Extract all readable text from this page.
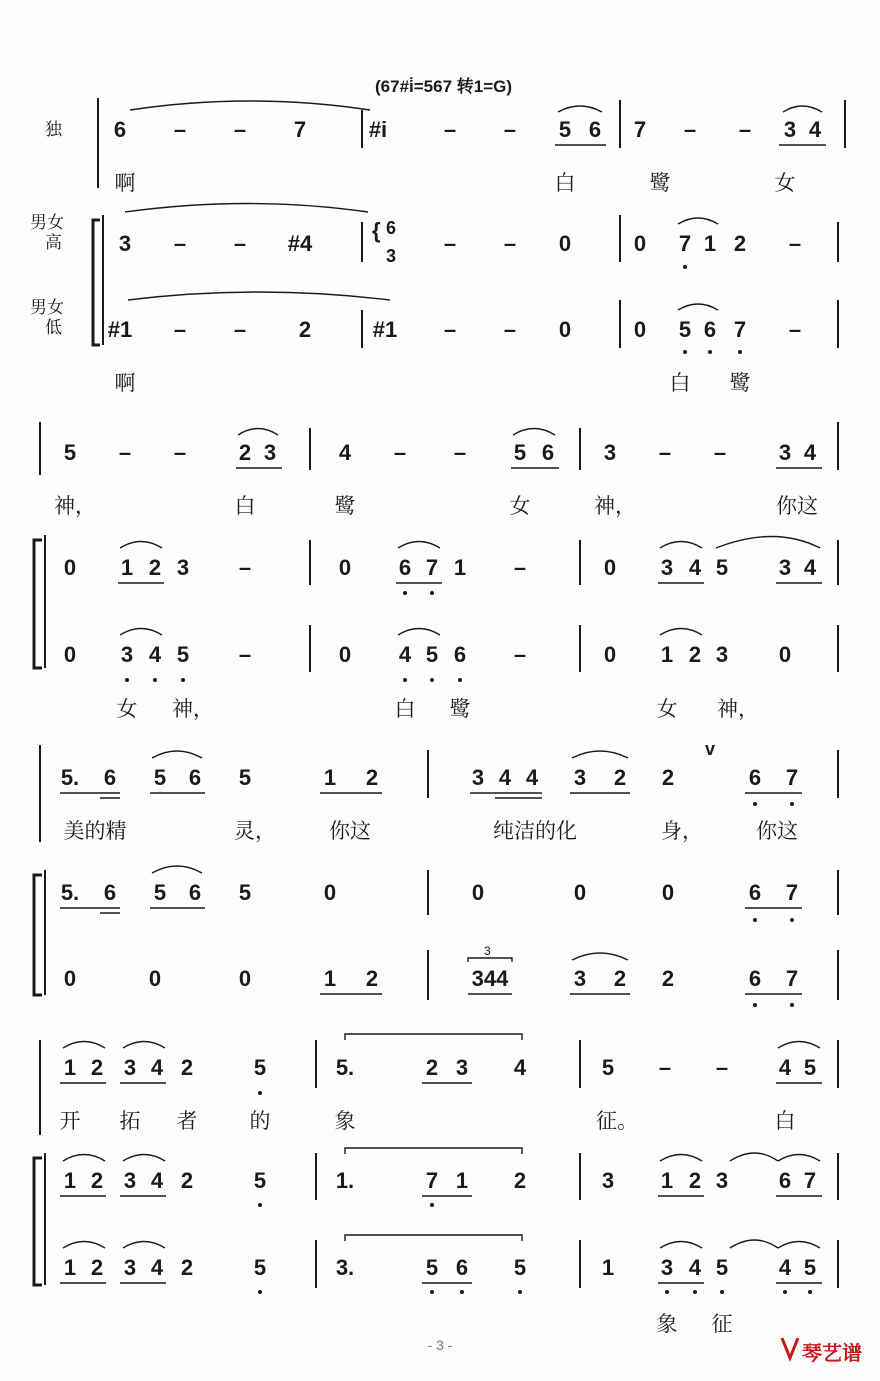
(67#i̇=567 转1=G)
独
男女
高
男女
低
6 – – 7	#i	– – 5 6 7 – – 3 4
啊	白	鹭	女
3 – – #4	– – 0	0 7 1 2 –
{ 6
3
#1 – – 2	#1 – – 0	0 5 6 7 –
啊	白 鹭
5 – – 2 3	4 – – 5 6 3 – – 3 4
神，	白	鹭	女	神，	你这
0 1 2 3 –	0 6 7 1 –	0 3 4 5 3 4
0 3 4 5 –	0 4 5 6 –	0 1 2 3 0
女 神，	白 鹭	女 神，
5. 6 5 6 5	1 2	3 4 4 3 2 2	6 7
v
美的精	灵，	你这	纯洁的化	身，	你这
5. 6 5 6 5	0	0	0	0	6 7
0	0	0	1 2	344	3 2 2	6 7
3
1 2 3 4 2	5	5.	2 3 4	5 – – 4 5
开 拓 者 的	象	征。	白
1 2 3 4 2	5	1.	7 1 2	3 1 2 3 6 7
1 2 3 4 2	5	3.	5 6 5	1 3 4 5 4 5
象 征
- 3 -	琴艺谱
